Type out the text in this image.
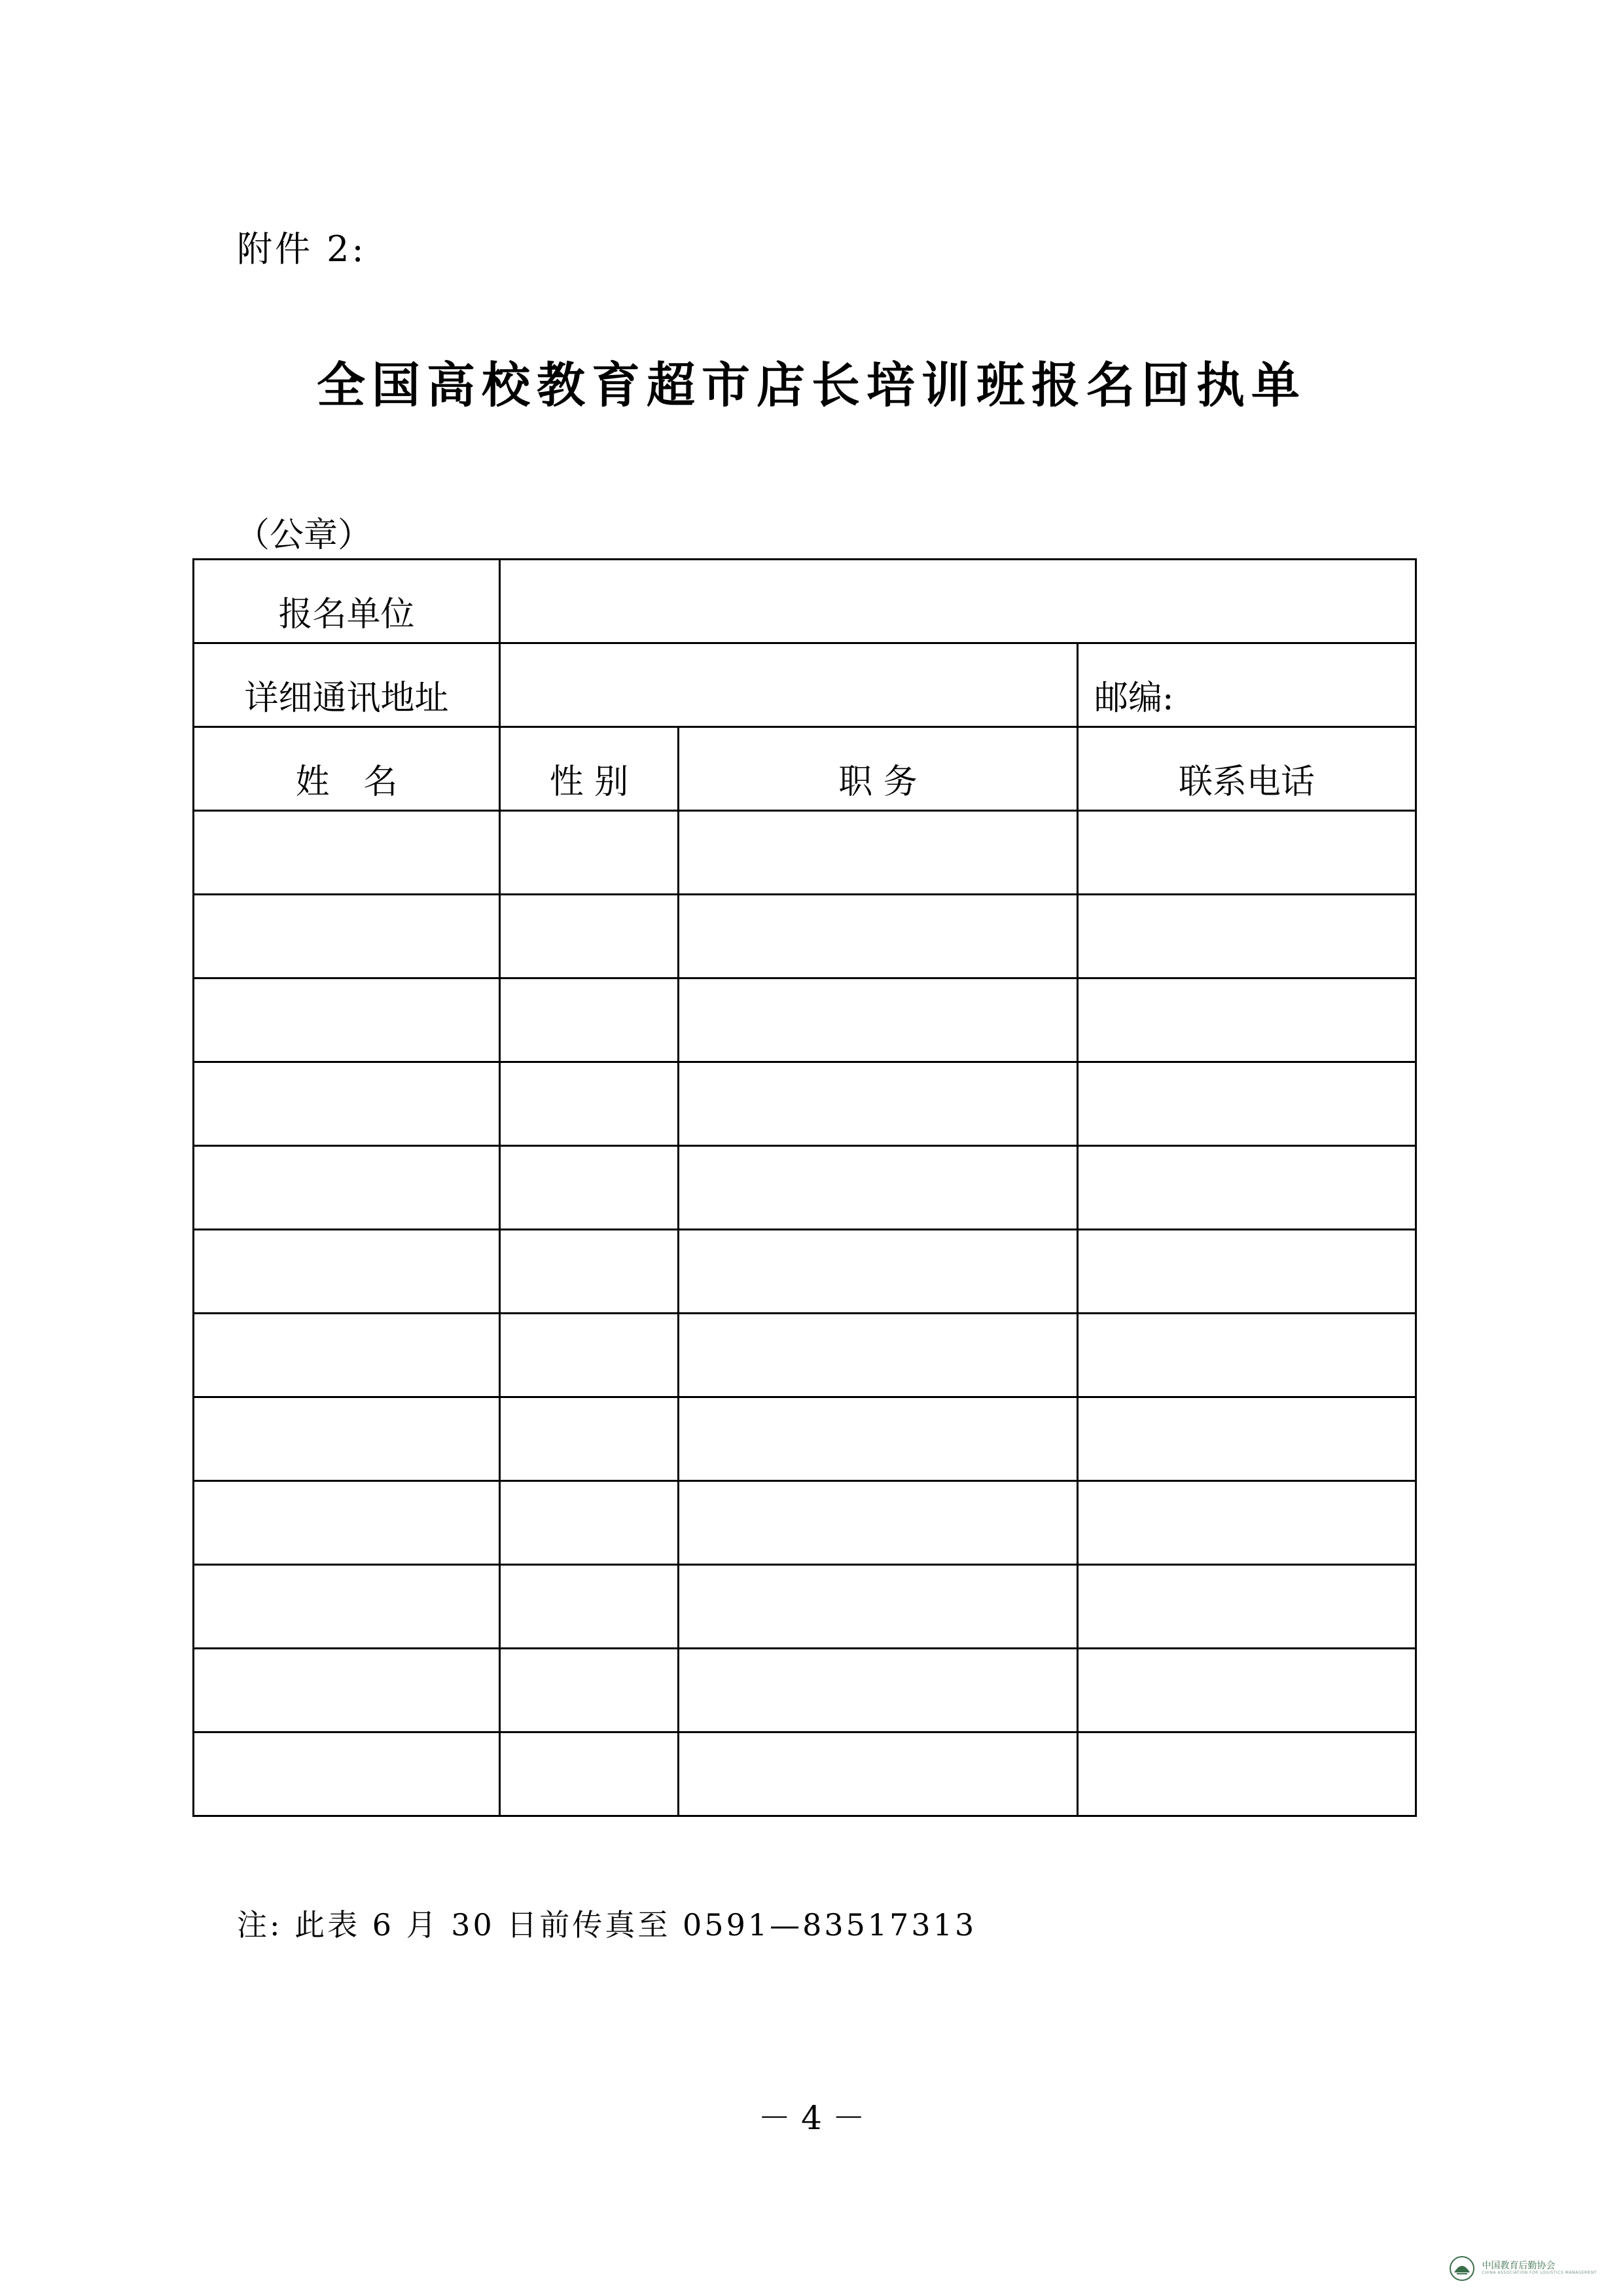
附件 2:
全国高校教育超市店长培训班报名回执单
（公章）
报名单位			
详细通讯地址			邮编:
姓　名	性 别	职 务	联系电话

注: 此表 6 月 30 日前传真至 0591—83517313
－ 4 －
中国教育后勤协会
CHINA ASSOCIATION FOR LOGISTICS MANAGEMENT
